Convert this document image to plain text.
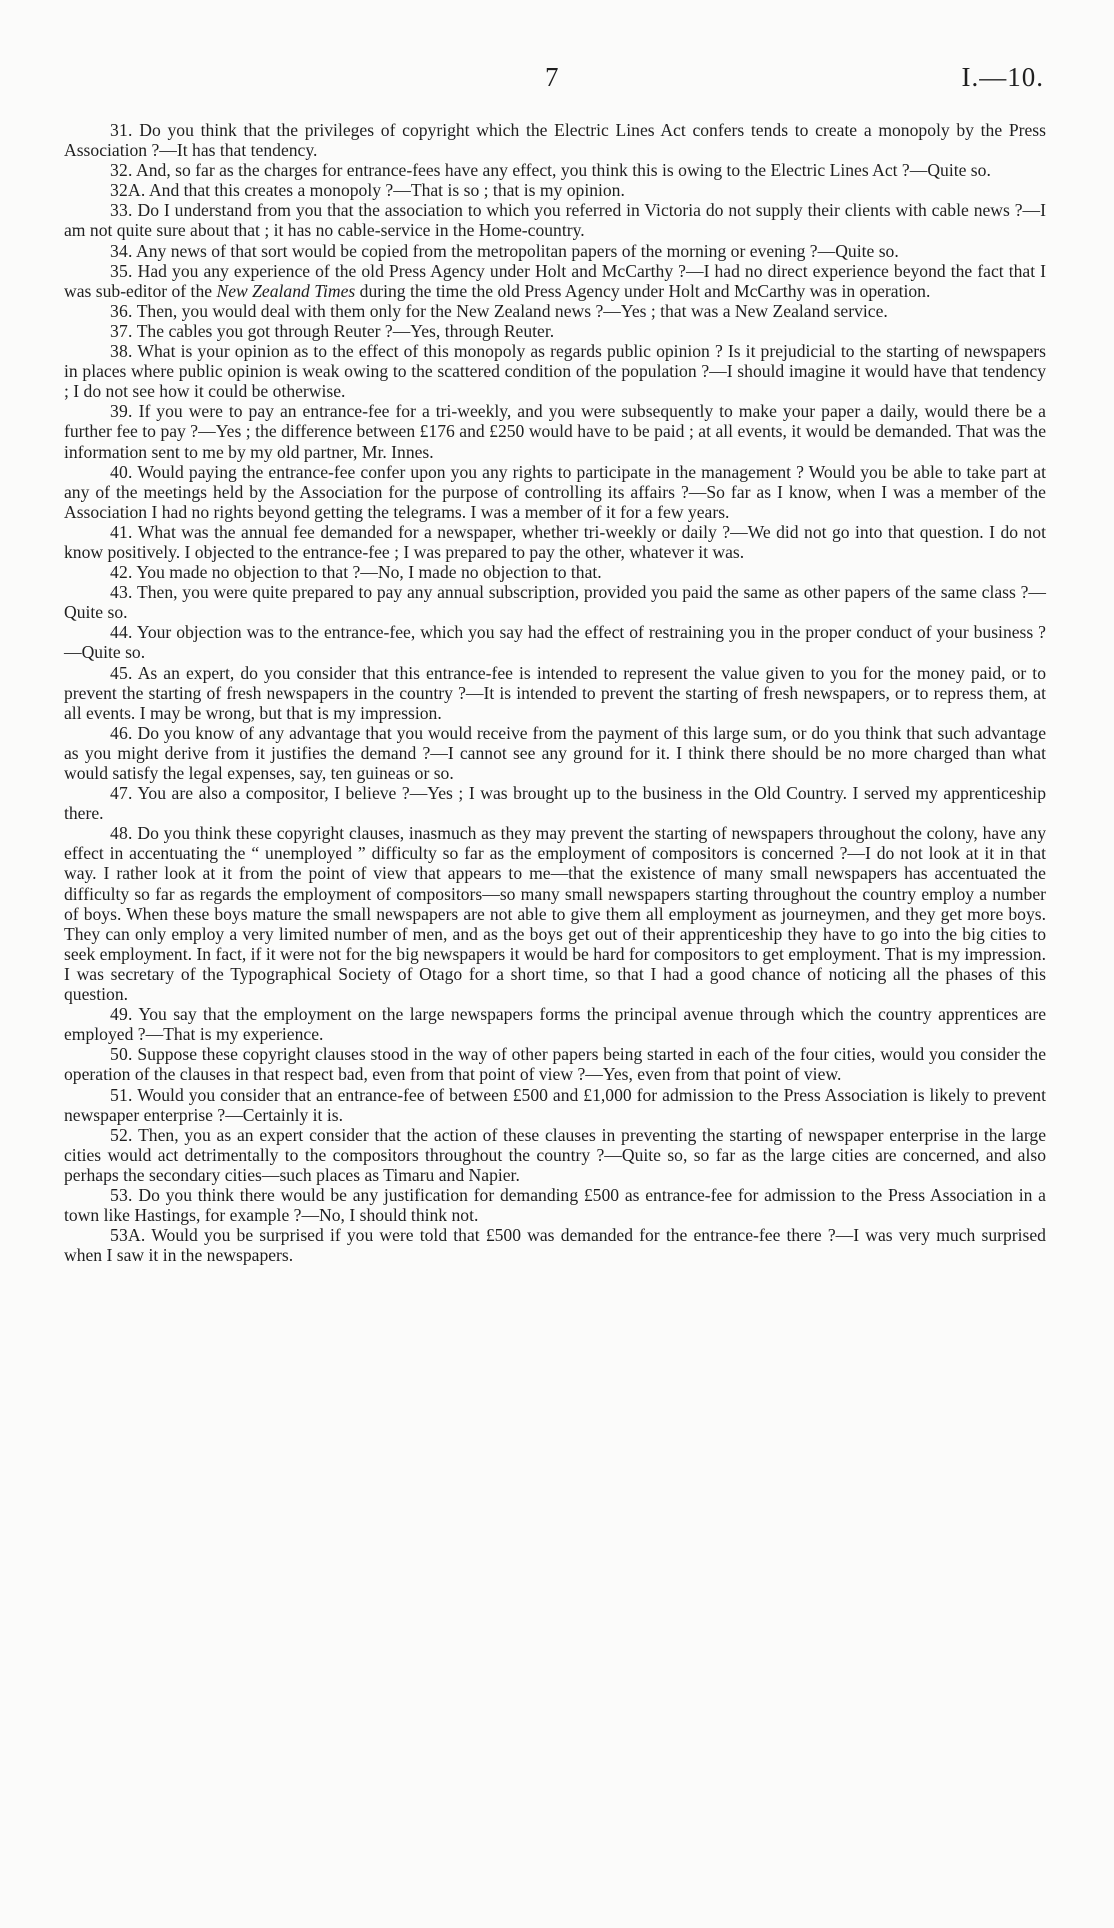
7	I.—10.

31. Do you think that the privileges of copyright which the Electric Lines Act confers tends to create a monopoly by the Press Association ?—It has that tendency.

32. And, so far as the charges for entrance-fees have any effect, you think this is owing to the Electric Lines Act ?—Quite so.

32A. And that this creates a monopoly ?—That is so ; that is my opinion.

33. Do I understand from you that the association to which you referred in Victoria do not supply their clients with cable news ?—I am not quite sure about that ; it has no cable-service in the Home-country.

34. Any news of that sort would be copied from the metropolitan papers of the morning or evening ?—Quite so.

35. Had you any experience of the old Press Agency under Holt and McCarthy ?—I had no direct experience beyond the fact that I was sub-editor of the New Zealand Times during the time the old Press Agency under Holt and McCarthy was in operation.

36. Then, you would deal with them only for the New Zealand news ?—Yes ; that was a New Zealand service.

37. The cables you got through Reuter ?—Yes, through Reuter.

38. What is your opinion as to the effect of this monopoly as regards public opinion ? Is it prejudicial to the starting of newspapers in places where public opinion is weak owing to the scattered condition of the population ?—I should imagine it would have that tendency ; I do not see how it could be otherwise.

39. If you were to pay an entrance-fee for a tri-weekly, and you were subsequently to make your paper a daily, would there be a further fee to pay ?—Yes ; the difference between £176 and £250 would have to be paid ; at all events, it would be demanded. That was the information sent to me by my old partner, Mr. Innes.

40. Would paying the entrance-fee confer upon you any rights to participate in the management ? Would you be able to take part at any of the meetings held by the Association for the purpose of controlling its affairs ?—So far as I know, when I was a member of the Association I had no rights beyond getting the telegrams. I was a member of it for a few years.

41. What was the annual fee demanded for a newspaper, whether tri-weekly or daily ?—We did not go into that question. I do not know positively. I objected to the entrance-fee ; I was prepared to pay the other, whatever it was.

42. You made no objection to that ?—No, I made no objection to that.

43. Then, you were quite prepared to pay any annual subscription, provided you paid the same as other papers of the same class ?—Quite so.

44. Your objection was to the entrance-fee, which you say had the effect of restraining you in the proper conduct of your business ?—Quite so.

45. As an expert, do you consider that this entrance-fee is intended to represent the value given to you for the money paid, or to prevent the starting of fresh newspapers in the country ?—It is intended to prevent the starting of fresh newspapers, or to repress them, at all events. I may be wrong, but that is my impression.

46. Do you know of any advantage that you would receive from the payment of this large sum, or do you think that such advantage as you might derive from it justifies the demand ?—I cannot see any ground for it. I think there should be no more charged than what would satisfy the legal expenses, say, ten guineas or so.

47. You are also a compositor, I believe ?—Yes ; I was brought up to the business in the Old Country. I served my apprenticeship there.

48. Do you think these copyright clauses, inasmuch as they may prevent the starting of newspapers throughout the colony, have any effect in accentuating the “ unemployed ” difficulty so far as the employment of compositors is concerned ?—I do not look at it in that way. I rather look at it from the point of view that appears to me—that the existence of many small newspapers has accentuated the difficulty so far as regards the employment of compositors—so many small newspapers starting throughout the country employ a number of boys. When these boys mature the small newspapers are not able to give them all employment as journeymen, and they get more boys. They can only employ a very limited number of men, and as the boys get out of their apprenticeship they have to go into the big cities to seek employment. In fact, if it were not for the big newspapers it would be hard for compositors to get employment. That is my impression. I was secretary of the Typographical Society of Otago for a short time, so that I had a good chance of noticing all the phases of this question.

49. You say that the employment on the large newspapers forms the principal avenue through which the country apprentices are employed ?—That is my experience.

50. Suppose these copyright clauses stood in the way of other papers being started in each of the four cities, would you consider the operation of the clauses in that respect bad, even from that point of view ?—Yes, even from that point of view.

51. Would you consider that an entrance-fee of between £500 and £1,000 for admission to the Press Association is likely to prevent newspaper enterprise ?—Certainly it is.

52. Then, you as an expert consider that the action of these clauses in preventing the starting of newspaper enterprise in the large cities would act detrimentally to the compositors throughout the country ?—Quite so, so far as the large cities are concerned, and also perhaps the secondary cities—such places as Timaru and Napier.

53. Do you think there would be any justification for demanding £500 as entrance-fee for admission to the Press Association in a town like Hastings, for example ?—No, I should think not.

53A. Would you be surprised if you were told that £500 was demanded for the entrance-fee there ?—I was very much surprised when I saw it in the newspapers.
